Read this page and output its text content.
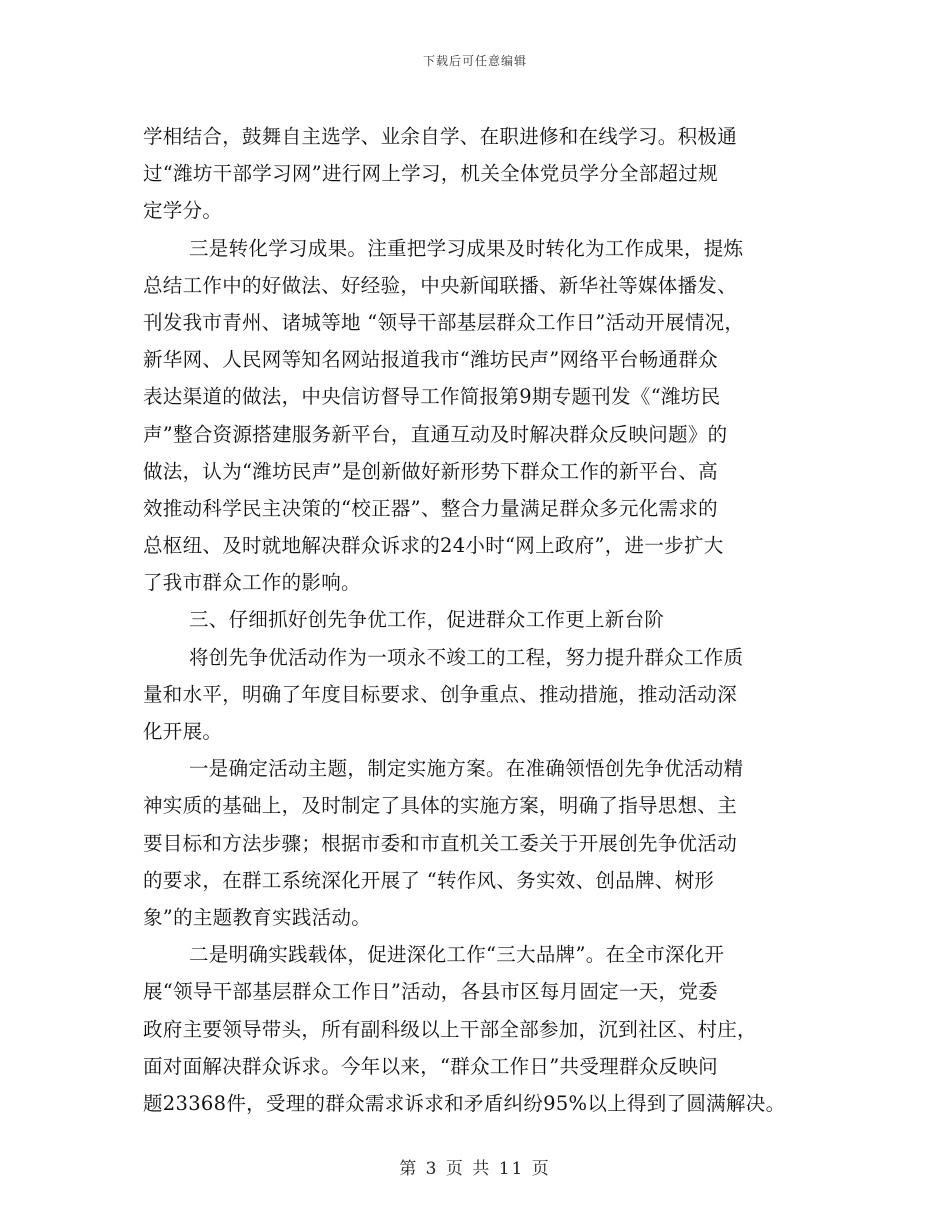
下载后可任意编辑
学相结合，鼓舞自主选学、业余自学、在职进修和在线学习。积极通
过“潍坊干部学习网”进行网上学习，机关全体党员学分全部超过规
定学分。
三是转化学习成果。注重把学习成果及时转化为工作成果，提炼
总结工作中的好做法、好经验，中央新闻联播、新华社等媒体播发、
刊发我市青州、诸城等地 “领导干部基层群众工作日”活动开展情况，
新华网、人民网等知名网站报道我市“潍坊民声”网络平台畅通群众
表达渠道的做法，中央信访督导工作简报第9期专题刊发《“潍坊民
声”整合资源搭建服务新平台，直通互动及时解决群众反映问题》的
做法，认为“潍坊民声”是创新做好新形势下群众工作的新平台、高
效推动科学民主决策的“校正器”、整合力量满足群众多元化需求的
总枢纽、及时就地解决群众诉求的24小时“网上政府”，进一步扩大
了我市群众工作的影响。
三、仔细抓好创先争优工作，促进群众工作更上新台阶
将创先争优活动作为一项永不竣工的工程，努力提升群众工作质
量和水平，明确了年度目标要求、创争重点、推动措施，推动活动深
化开展。
一是确定活动主题，制定实施方案。在准确领悟创先争优活动精
神实质的基础上，及时制定了具体的实施方案，明确了指导思想、主
要目标和方法步骤；根据市委和市直机关工委关于开展创先争优活动
的要求，在群工系统深化开展了 “转作风、务实效、创品牌、树形
象”的主题教育实践活动。
二是明确实践载体，促进深化工作“三大品牌”。在全市深化开
展“领导干部基层群众工作日”活动，各县市区每月固定一天，党委
政府主要领导带头，所有副科级以上干部全部参加，沉到社区、村庄，
面对面解决群众诉求。今年以来，“群众工作日”共受理群众反映问
题23368件，受理的群众需求诉求和矛盾纠纷95%以上得到了圆满解决。
第 3 页 共 11 页
